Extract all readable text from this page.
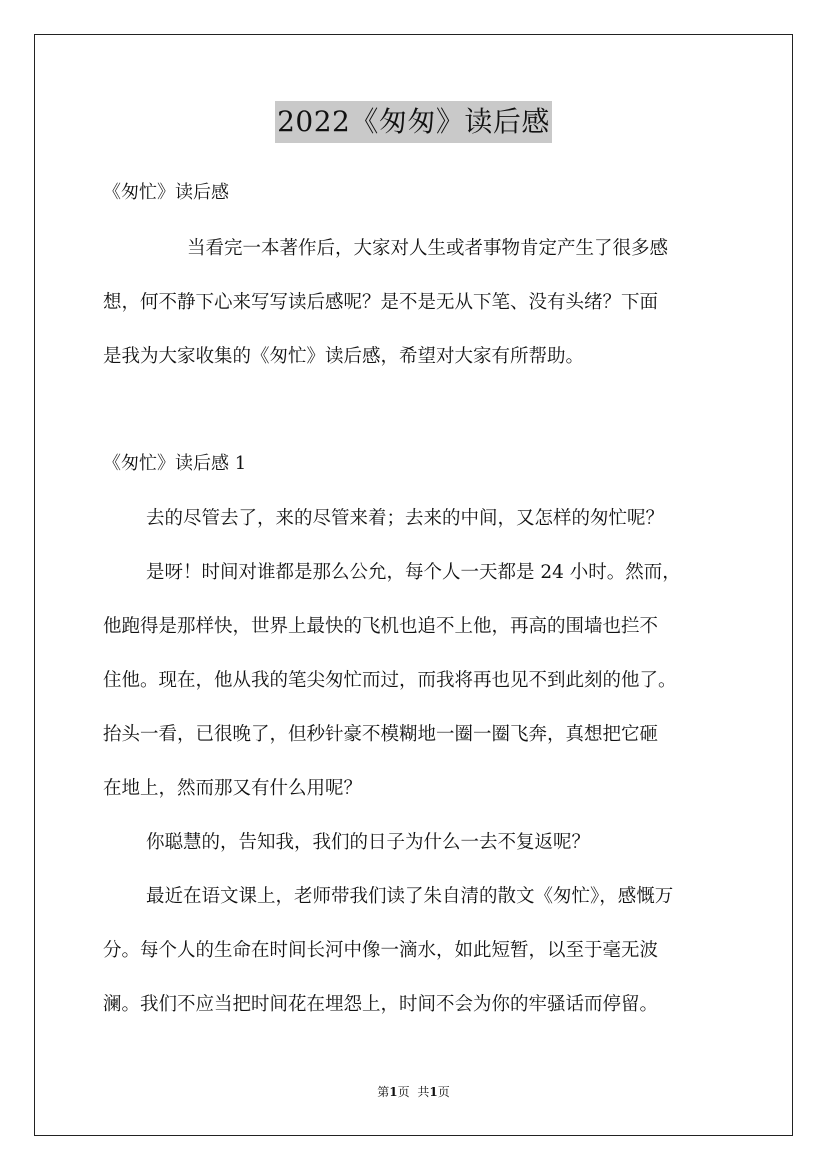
2022《匆匆》读后感
《匆忙》读后感
当看完一本著作后，大家对人生或者事物肯定产生了很多感
想，何不静下心来写写读后感呢？是不是无从下笔、没有头绪？下面
是我为大家收集的《匆忙》读后感，希望对大家有所帮助。
《匆忙》读后感 1
去的尽管去了，来的尽管来着；去来的中间，又怎样的匆忙呢？
是呀！时间对谁都是那么公允，每个人一天都是 24 小时。然而，
他跑得是那样快，世界上最快的飞机也追不上他，再高的围墙也拦不
住他。现在，他从我的笔尖匆忙而过，而我将再也见不到此刻的他了。
抬头一看，已很晚了，但秒针豪不模糊地一圈一圈飞奔，真想把它砸
在地上，然而那又有什么用呢？
你聪慧的，告知我，我们的日子为什么一去不复返呢？
最近在语文课上，老师带我们读了朱自清的散文《匆忙》，感慨万
分。每个人的生命在时间长河中像一滴水，如此短暂，以至于毫无波
澜。我们不应当把时间花在埋怨上，时间不会为你的牢骚话而停留。
第1页 共1页
